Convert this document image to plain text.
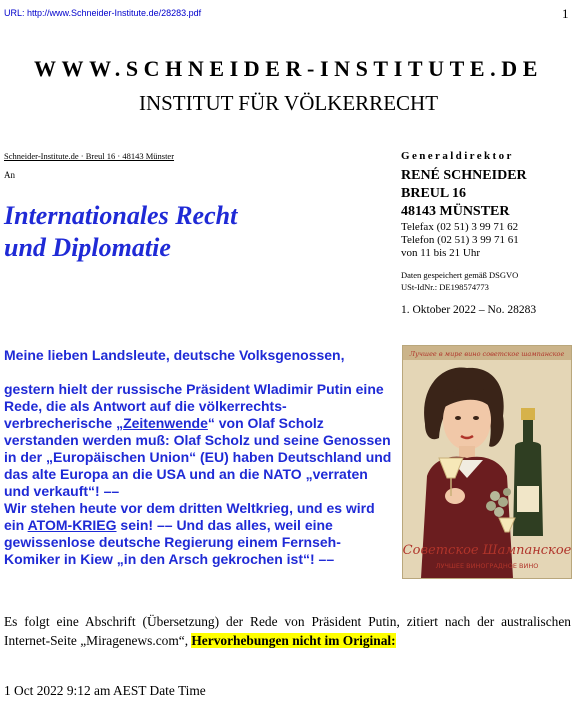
URL: http://www.Schneider-Institute.de/28283.pdf	1
WWW.SCHNEIDER-INSTITUTE.DE
INSTITUT FÜR VÖLKERRECHT
Schneider-Institute.de · Breul 16 · 48143 Münster
An
Internationales Recht
und Diplomatie
Generaldirektor
RENÉ SCHNEIDER
BREUL 16
48143 MÜNSTER
Telefax (02 51) 3 99 71 62
Telefon (02 51) 3 99 71 61
von 11 bis 21 Uhr
Daten gespeichert gemäß DSGVO
USt-IdNr.: DE198574773
1. Oktober 2022 – No. 28283
Лучшее в мире вино советское шампанское
Советское Шампанское
ЛУЧШЕЕ ВИНОГРАДНОЕ ВИНО

Meine lieben Landsleute, deutsche Volksgenossen,

gestern hielt der russische Präsident Wladimir Putin eine Rede, die als Antwort auf die völkerrechts-verbrecherische „Zeitenwende“ von Olaf Scholz verstanden werden muß: Olaf Scholz und seine Genossen in der „Europäischen Union“ (EU) haben Deutschland und das alte Europa an die USA und an die NATO „verraten und verkauft“! ––

Wir stehen heute vor dem dritten Weltkrieg, und es wird ein ATOM-KRIEG sein! –– Und das alles, weil eine gewissenlose deutsche Regierung einem Fernseh-Komiker in Kiew „in den Arsch gekrochen ist“! ––

Es folgt eine Abschrift (Übersetzung) der Rede von Präsident Putin, zitiert nach der australischen Internet-Seite „Miragenews.com“, Hervorhebungen nicht im Original:
1 Oct 2022 9:12 am AEST Date Time
